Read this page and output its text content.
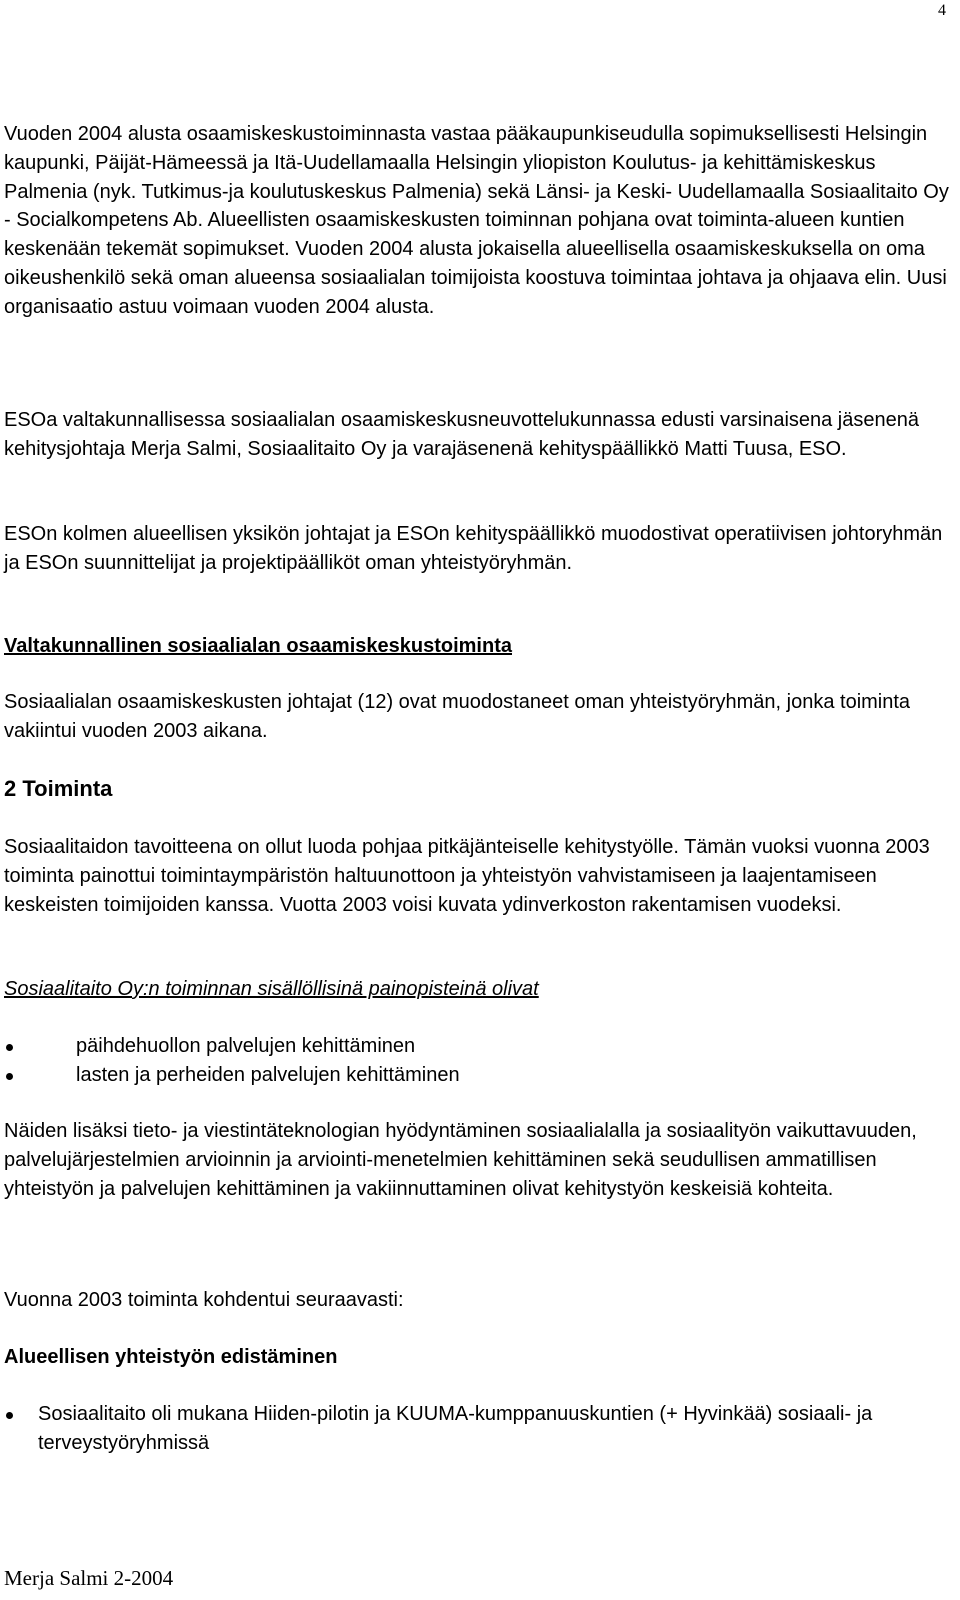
4

Vuoden 2004 alusta osaamiskeskustoiminnasta vastaa pääkaupunkiseudulla sopimuksellisesti Helsingin kaupunki, Päijät-Hämeessä ja Itä-Uudellamaalla Helsingin yliopiston Koulutus- ja kehittämiskeskus Palmenia (nyk. Tutkimus-ja koulutuskeskus Palmenia) sekä Länsi- ja Keski- Uudellamaalla Sosiaalitaito Oy - Socialkompetens Ab. Alueellisten osaamiskeskusten toiminnan pohjana ovat toiminta-alueen kuntien keskenään tekemät sopimukset. Vuoden 2004 alusta jokaisella alueellisella osaamiskeskuksella on oma oikeushenkilö sekä oman alueensa sosiaalialan toimijoista koostuva toimintaa johtava ja ohjaava elin. Uusi organisaatio astuu voimaan vuoden 2004 alusta.

ESOa valtakunnallisessa sosiaalialan osaamiskeskusneuvottelukunnassa edusti varsinaisena jäsenenä kehitysjohtaja Merja Salmi, Sosiaalitaito Oy ja varajäsenenä kehityspäällikkö Matti Tuusa, ESO.

ESOn kolmen alueellisen yksikön johtajat ja ESOn kehityspäällikkö muodostivat operatiivisen johtoryhmän ja ESOn suunnittelijat ja projektipäälliköt oman yhteistyöryhmän.

Valtakunnallinen sosiaalialan osaamiskeskustoiminta

Sosiaalialan osaamiskeskusten johtajat (12) ovat muodostaneet oman yhteistyöryhmän, jonka toiminta vakiintui vuoden 2003 aikana.

2 Toiminta

Sosiaalitaidon tavoitteena on ollut luoda pohjaa pitkäjänteiselle kehitystyölle. Tämän vuoksi vuonna 2003 toiminta painottui toimintaympäristön haltuunottoon ja yhteistyön vahvistamiseen ja laajentamiseen keskeisten toimijoiden kanssa. Vuotta 2003 voisi kuvata ydinverkoston rakentamisen vuodeksi.

Sosiaalitaito Oy:n toiminnan sisällöllisinä painopisteinä olivat

päihdehuollon palvelujen kehittäminen
lasten ja perheiden palvelujen kehittäminen

Näiden lisäksi tieto- ja viestintäteknologian hyödyntäminen sosiaalialalla ja sosiaalityön vaikuttavuuden, palvelujärjestelmien arvioinnin ja arviointi-menetelmien kehittäminen sekä seudullisen ammatillisen yhteistyön ja palvelujen kehittäminen ja vakiinnuttaminen olivat kehitystyön keskeisiä kohteita.

Vuonna 2003 toiminta kohdentui seuraavasti:

Alueellisen yhteistyön edistäminen

Sosiaalitaito oli mukana Hiiden-pilotin ja KUUMA-kumppanuuskuntien (+ Hyvinkää) sosiaali- ja terveystyöryhmissä

Merja Salmi 2-2004
